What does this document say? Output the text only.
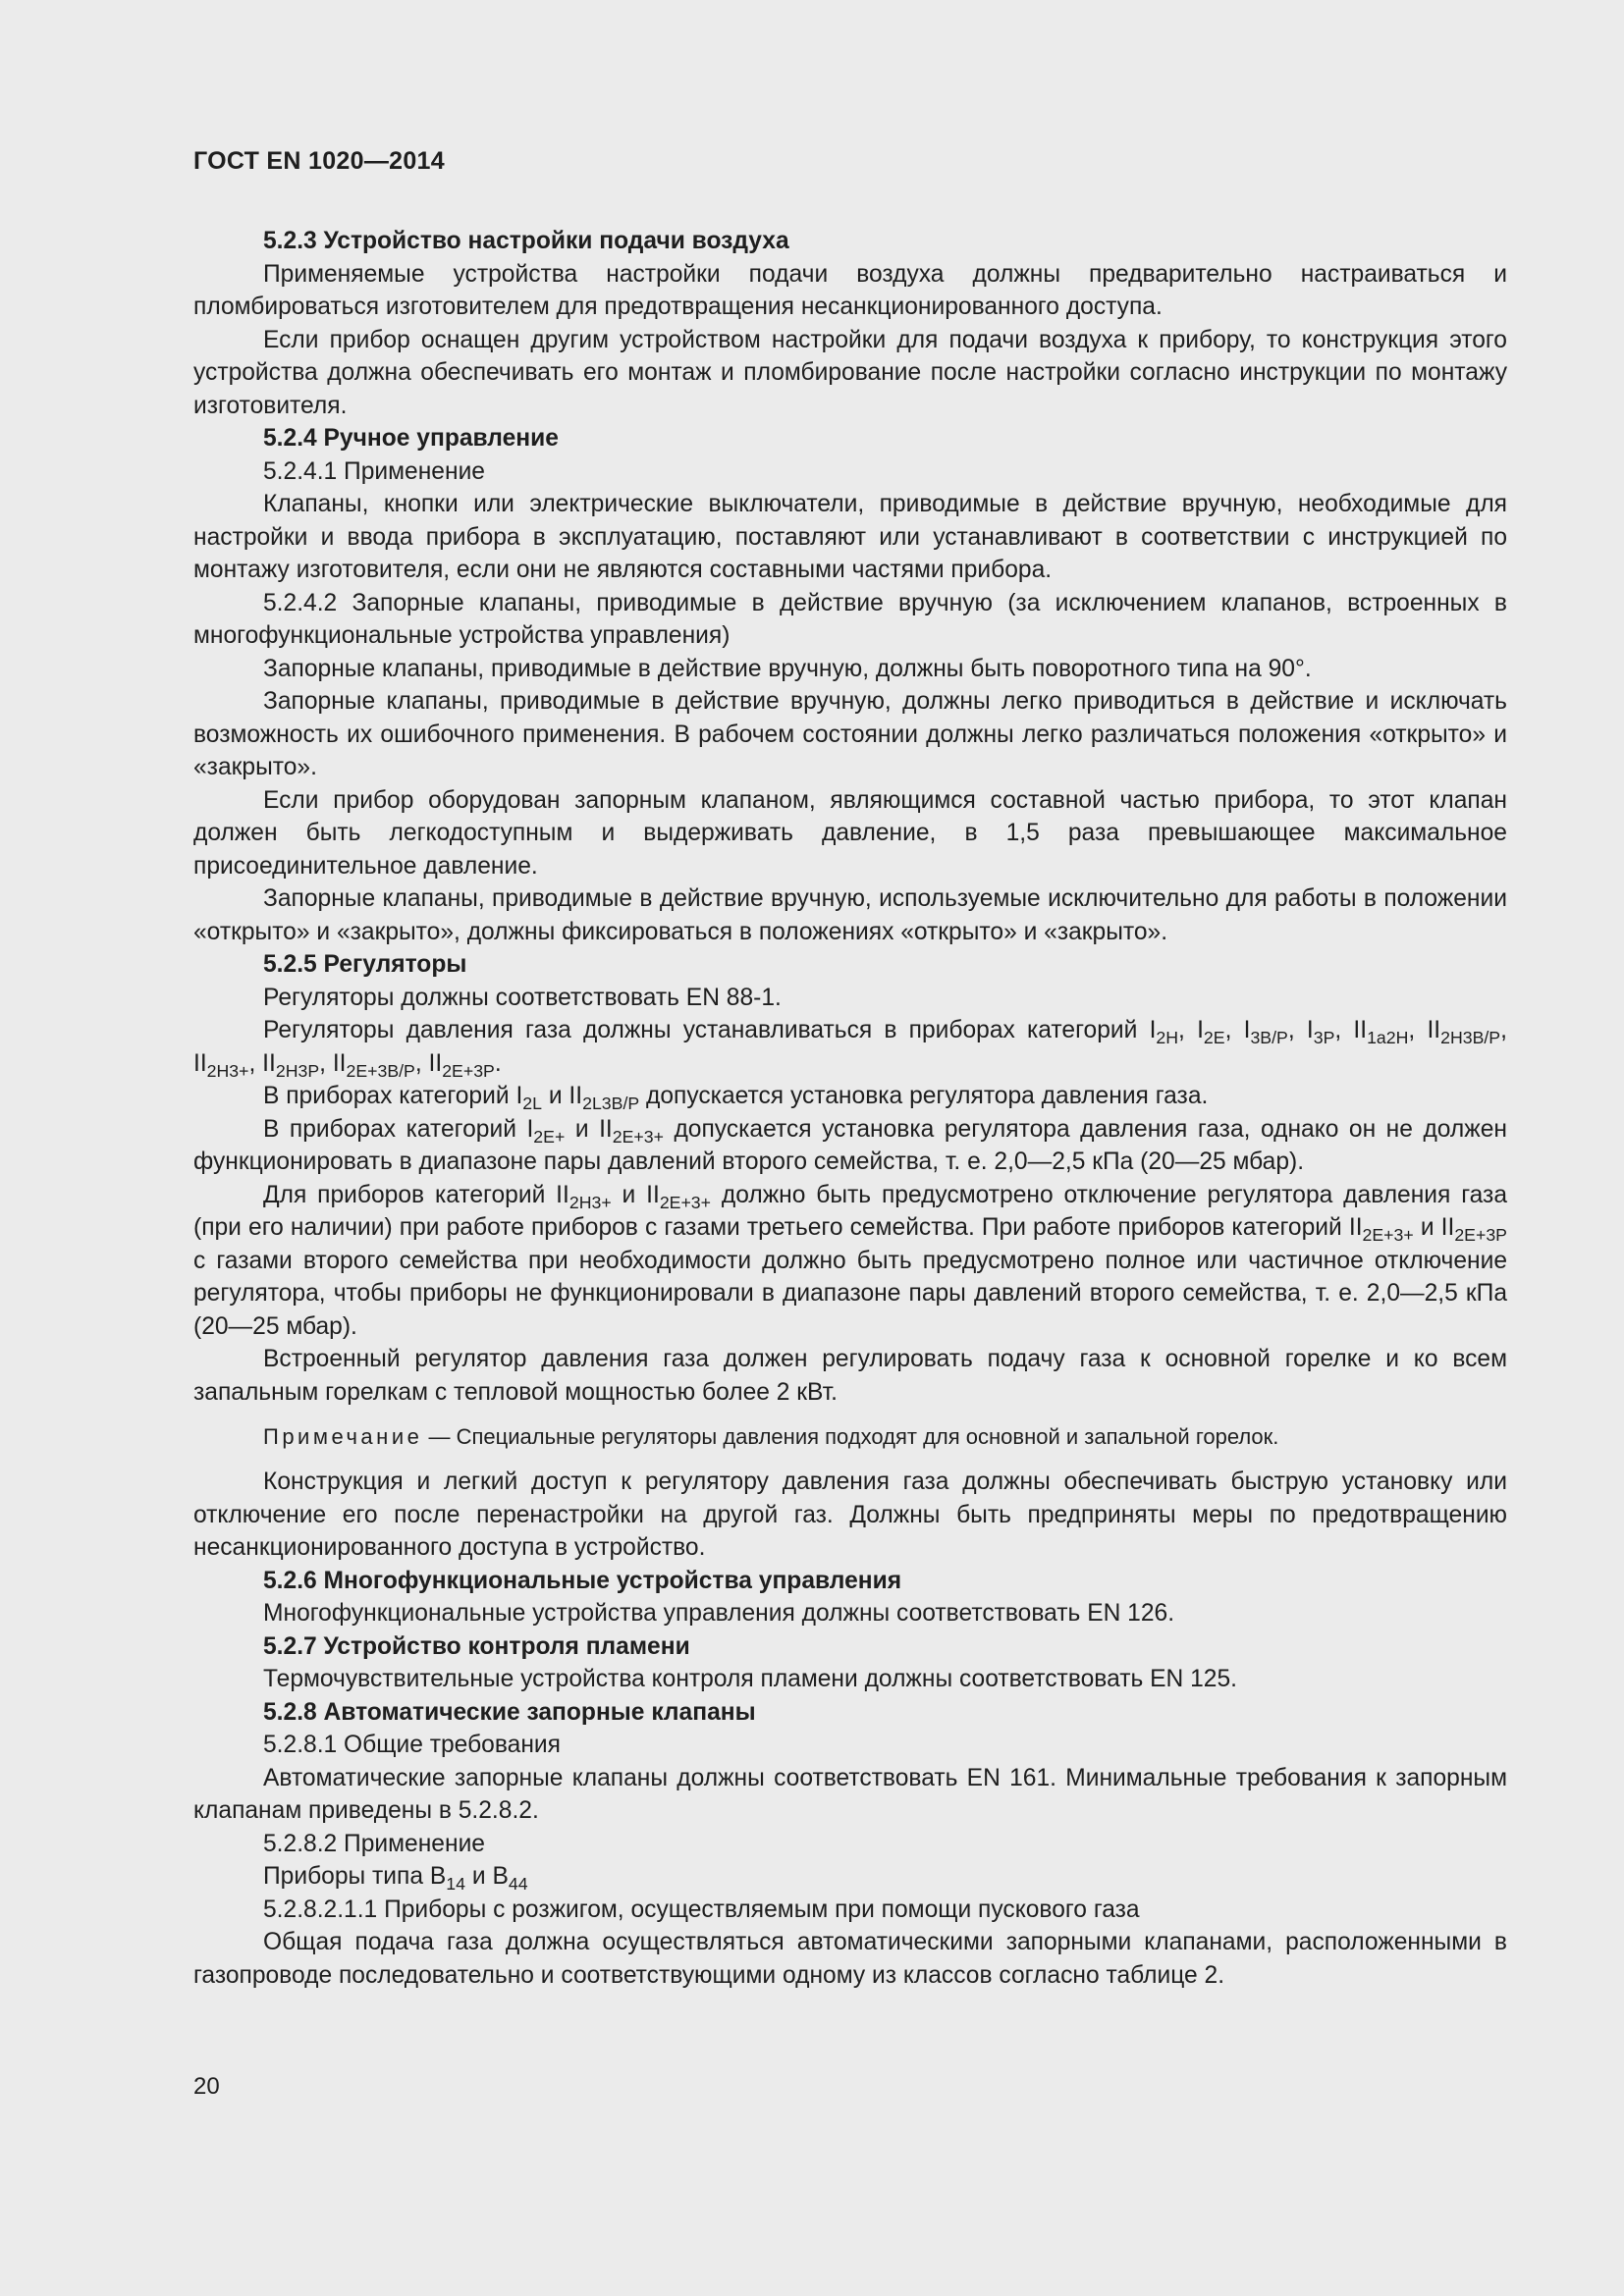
ГОСТ EN 1020—2014

5.2.3 Устройство настройки подачи воздуха

Применяемые устройства настройки подачи воздуха должны предварительно настраиваться и пломбироваться изготовителем для предотвращения несанкционированного доступа.

Если прибор оснащен другим устройством настройки для подачи воздуха к прибору, то конструкция этого устройства должна обеспечивать его монтаж и пломбирование после настройки согласно инструкции по монтажу изготовителя.

5.2.4 Ручное управление

5.2.4.1 Применение

Клапаны, кнопки или электрические выключатели, приводимые в действие вручную, необходимые для настройки и ввода прибора в эксплуатацию, поставляют или устанавливают в соответствии с инструкцией по монтажу изготовителя, если они не являются составными частями прибора.

5.2.4.2 Запорные клапаны, приводимые в действие вручную (за исключением клапанов, встроенных в многофункциональные устройства управления)

Запорные клапаны, приводимые в действие вручную, должны быть поворотного типа на 90°.

Запорные клапаны, приводимые в действие вручную, должны легко приводиться в действие и исключать возможность их ошибочного применения. В рабочем состоянии должны легко различаться положения «открыто» и «закрыто».

Если прибор оборудован запорным клапаном, являющимся составной частью прибора, то этот клапан должен быть легкодоступным и выдерживать давление, в 1,5 раза превышающее максимальное присоединительное давление.

Запорные клапаны, приводимые в действие вручную, используемые исключительно для работы в положении «открыто» и «закрыто», должны фиксироваться в положениях «открыто» и «закрыто».

5.2.5 Регуляторы

Регуляторы должны соответствовать EN 88-1.

Регуляторы давления газа должны устанавливаться в приборах категорий $I_{2H}$, $I_{2E}$, $I_{3B/P}$, $I_{3P}$, $II_{1a2H}$, $II_{2H3B/P}$, $II_{2H3+}$, $II_{2H3P}$, $II_{2E+3B/P}$, $II_{2E+3P}$.

В приборах категорий $I_{2L}$ и $II_{2L3B/P}$ допускается установка регулятора давления газа.

В приборах категорий $I_{2E+}$ и $II_{2E+3+}$ допускается установка регулятора давления газа, однако он не должен функционировать в диапазоне пары давлений второго семейства, т. е. 2,0—2,5 кПа (20—25 мбар).

Для приборов категорий $II_{2H3+}$ и $II_{2E+3+}$ должно быть предусмотрено отключение регулятора давления газа (при его наличии) при работе приборов с газами третьего семейства. При работе приборов категорий $II_{2E+3+}$ и $II_{2E+3P}$ с газами второго семейства при необходимости должно быть предусмотрено полное или частичное отключение регулятора, чтобы приборы не функционировали в диапазоне пары давлений второго семейства, т. е. 2,0—2,5 кПа (20—25 мбар).

Встроенный регулятор давления газа должен регулировать подачу газа к основной горелке и ко всем запальным горелкам с тепловой мощностью более 2 кВт.

Примечание — Специальные регуляторы давления подходят для основной и запальной горелок.

Конструкция и легкий доступ к регулятору давления газа должны обеспечивать быструю установку или отключение его после перенастройки на другой газ. Должны быть предприняты меры по предотвращению несанкционированного доступа в устройство.

5.2.6 Многофункциональные устройства управления

Многофункциональные устройства управления должны соответствовать EN 126.

5.2.7 Устройство контроля пламени

Термочувствительные устройства контроля пламени должны соответствовать EN 125.

5.2.8 Автоматические запорные клапаны

5.2.8.1 Общие требования

Автоматические запорные клапаны должны соответствовать EN 161. Минимальные требования к запорным клапанам приведены в 5.2.8.2.

5.2.8.2 Применение

Приборы типа $B_{14}$ и $B_{44}$

5.2.8.2.1.1 Приборы с розжигом, осуществляемым при помощи пускового газа

Общая подача газа должна осуществляться автоматическими запорными клапанами, расположенными в газопроводе последовательно и соответствующими одному из классов согласно таблице 2.

20
